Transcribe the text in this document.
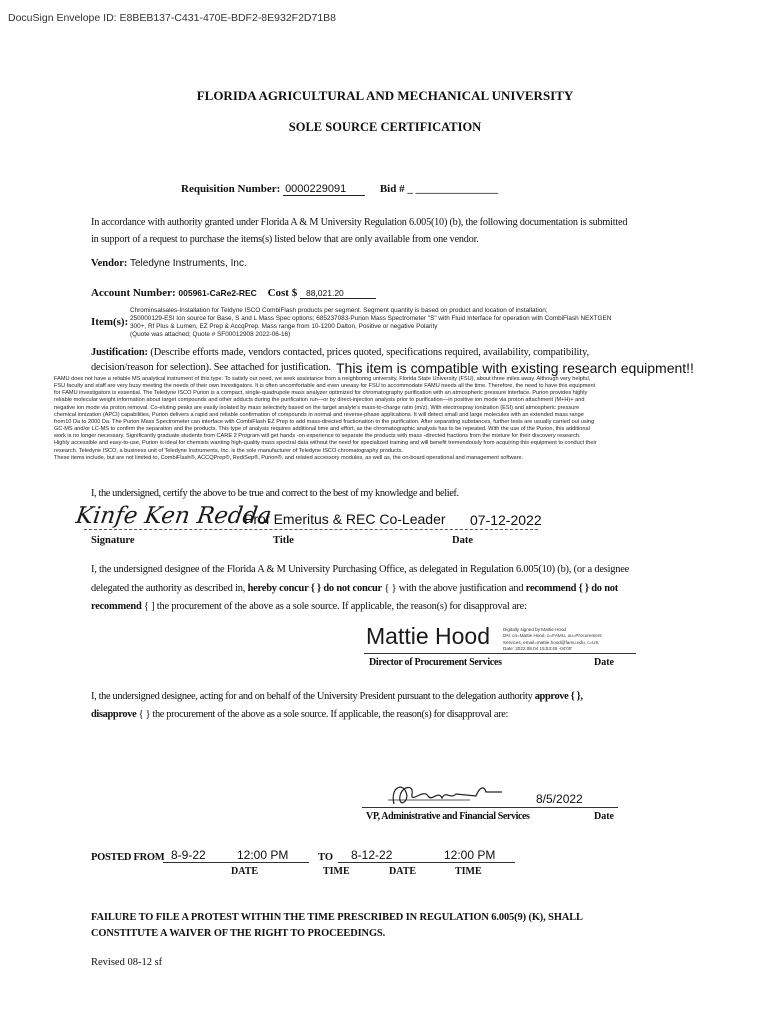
DocuSign Envelope ID: E8BEB137-C431-470E-BDF2-8E932F2D71B8
FLORIDA AGRICULTURAL AND MECHANICAL UNIVERSITY
SOLE SOURCE CERTIFICATION
Requisition Number: 0000229091	Bid # _ _______________
In accordance with authority granted under Florida A & M University Regulation 6.005(10) (b), the following documentation is submitted
in support of a request to purchase the items(s) listed below that are only available from one vendor.
Vendor: Teledyne Instruments, Inc.
Account Number: 005961-CaRe2-REC Cost $ 88,021.20
Item(s):
Chrominsalsales-Installation for Teldyne ISCO CombiFlash products per segment. Segment quantity is based on product and location of installation;
250000129-ESI Ion source for Base, S and L Mass Spec options; 685237083-Purion Mass Spectrometer "S" with Fluid Interface for operation with CombiFlash NEXTGEN
300+, Rf Plus & Lumen, EZ Prep & AccqPrep. Mass range from 10-1200 Dalton, Positive or negative Polarity
(Quote was attached; Quote # SF00012908 2022-06-16)
Justification: (Describe efforts made, vendors contacted, prices quoted, specifications required, availability, compatibility,
decision/reason for selection). See attached for justification. This item is compatible with existing research equipment!!
FAMU does not have a reliable MS analytical instrument of this type. To satisfy our need, we seek assistance from a neighboring university, Florida State University (FSU), about three miles away. Although very helpful,
FSU faculty and staff are very busy meeting the needs of their own investigators. It is often uncomfortable and even uneasy for FSU to accommodate FAMU needs all the time. Therefore, the need to have this equipment
for FAMU investigators is essential. The Teledyne ISCO Purion is a compact, single-quadrupole mass analyzer optimized for chromatography purification with an atmospheric pressure interface. Purion provides highly
reliable molecular weight information about target compounds and other adducts during the purification run—or by direct-injection analysis prior to purification—in positive ion mode via proton attachment (M+H)+ and
negative ion mode via proton removal. Co-eluting peaks are easily isolated by mass selectivity based on the target analyte's mass-to-charge ratio (m/z). With electrospray ionization (ESI) and atmospheric pressure
chemical ionization (APCI) capabilities, Purion delivers a rapid and reliable confirmation of compounds in normal and reverse-phase applications. It will detect small and large molecules with an extended mass range
from10 Da to 2000 Da. The Purion Mass Spectrometer can interface with CombiFlash EZ Prep to add mass-directed fractionation to the purification. After separating substances, further tests are usually carried out using
GC-MS and/or LC-MS to confirm the separation and the products. This type of analysis requires additional time and effort, as the chromatographic analysis has to be repeated. With the use of the Purion, this additional
work is no longer necessary. Significantly graduate students from CARE 2 Program will get hands -on experience to separate the products with mass -directed fractions from the mixture for their discovery research.
Highly accessible and easy-to-use, Purion is ideal for chemists wanting high-quality mass spectral data without the need for specialized training and will benefit tremendously from acquiring this equipment to conduct their
research. Teledyne ISCO, a business unit of Teledyne Instruments, Inc. is the sole manufacturer of Teledyne ISCO chromatography products.
These items include, but are not limited to, CombiFlash®, ACCQPrep®, RediSep®, Purion®, and related accessory modules, as well as, the on-board operational and management software.
I, the undersigned, certify the above to be true and correct to the best of my knowledge and belief.
Kinfe Ken Redda
Prof Emeritus & REC Co-Leader 07-12-2022
Signature	Title	Date
I, the undersigned designee of the Florida A & M University Purchasing Office, as delegated in Regulation 6.005(10) (b), (or a designee
delegated the authority as described in, hereby concur { } do not concur { } with the above justification and recommend { } do not
recommend { ] the procurement of the above as a sole source. If applicable, the reason(s) for disapproval are:
Mattie Hood	Digitally signed by Mattie Hood
DN: cn=Mattie Hood, o=FAMU, ou=Procurement
Services, email=mattie.hood@famu.edu, c=US
Date: 2022.08.04 15:53:46 -04'00'
Director of Procurement Services	Date
I, the undersigned designee, acting for and on behalf of the University President pursuant to the delegation authority approve { },
disapprove { } the procurement of the above as a sole source. If applicable, the reason(s) for disapproval are:
8/5/2022
VP, Administrative and Financial Services	Date
POSTED FROM 8-9-22	12:00 PM	TO 8-12-22	12:00 PM
DATE	TIME	DATE	TIME
FAILURE TO FILE A PROTEST WITHIN THE TIME PRESCRIBED IN REGULATION 6.005(9) (K), SHALL
CONSTITUTE A WAIVER OF THE RIGHT TO PROCEEDINGS.
Revised 08-12 sf
